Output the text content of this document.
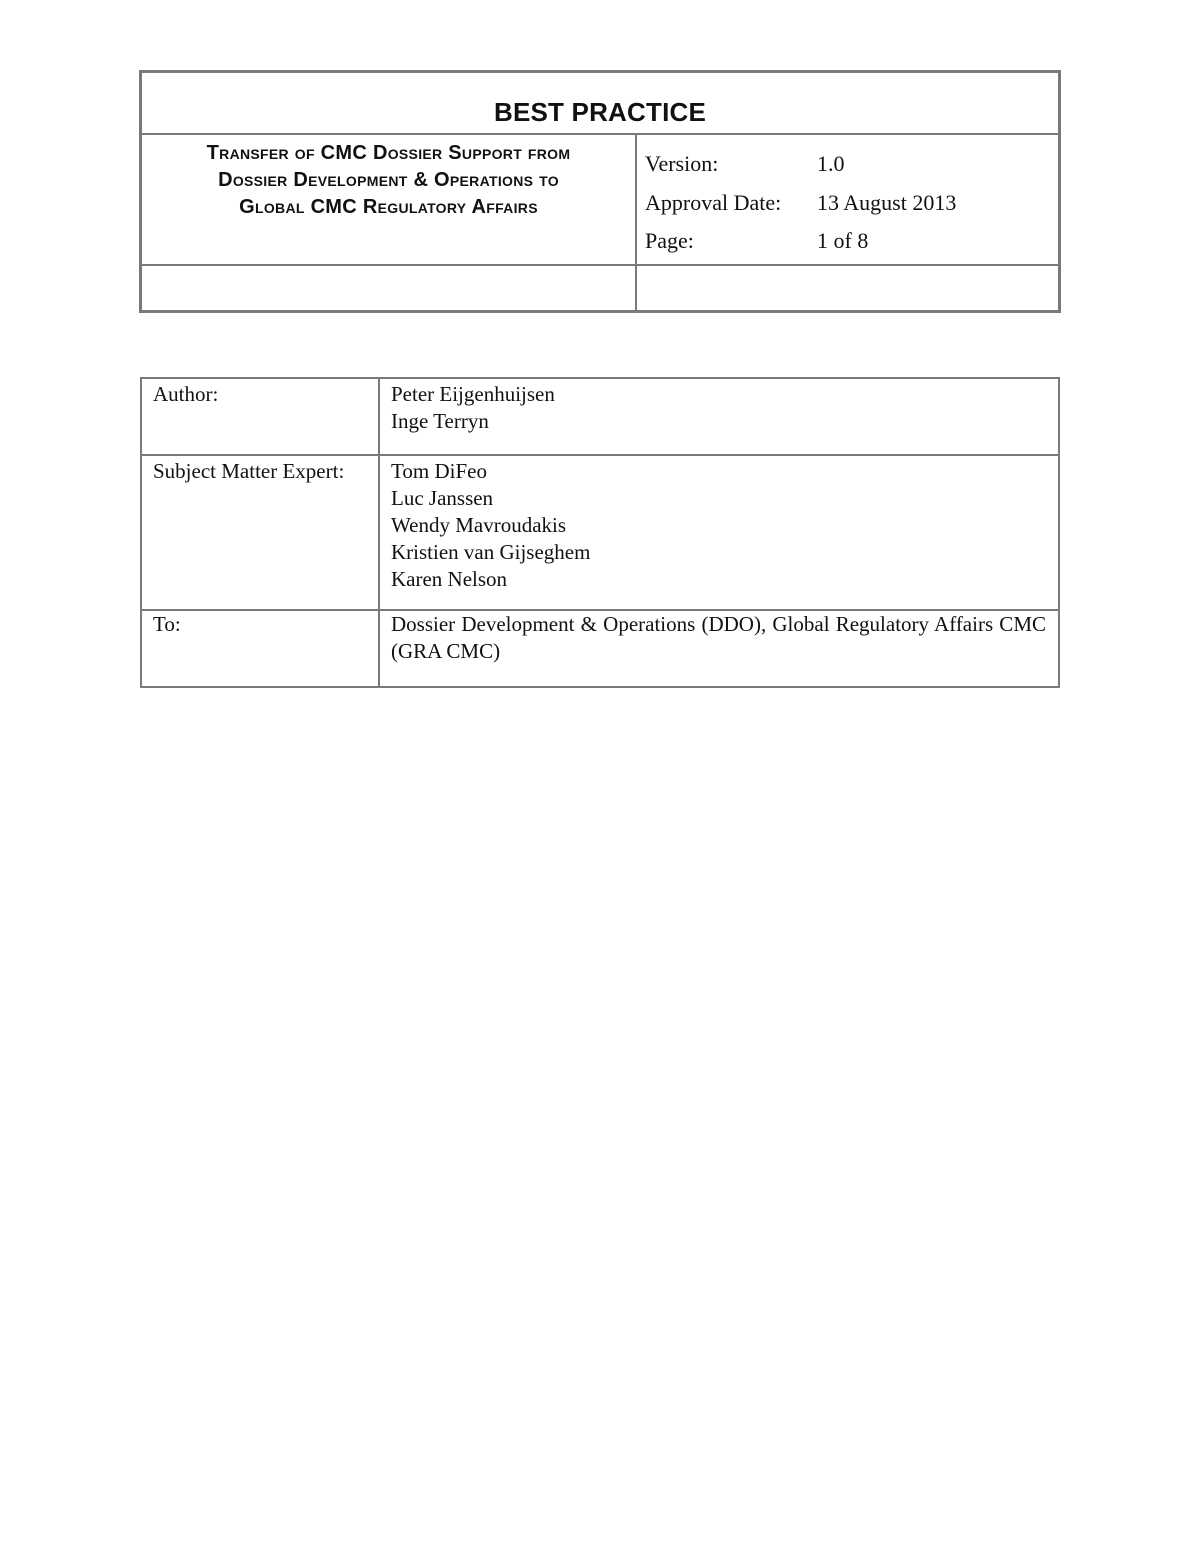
BEST PRACTICE
Transfer of CMC Dossier Support from
Dossier Development & Operations to
Global CMC Regulatory Affairs
Version:	1.0
Approval Date:	13 August 2013
Page:	1 of 8
Author:	Peter Eijgenhuijsen
Inge Terryn

Subject Matter Expert:	Tom DiFeo
Luc Janssen
Wendy Mavroudakis
Kristien van Gijseghem
Karen Nelson

To:	Dossier Development & Operations (DDO), Global Regulatory Affairs CMC (GRA CMC)
